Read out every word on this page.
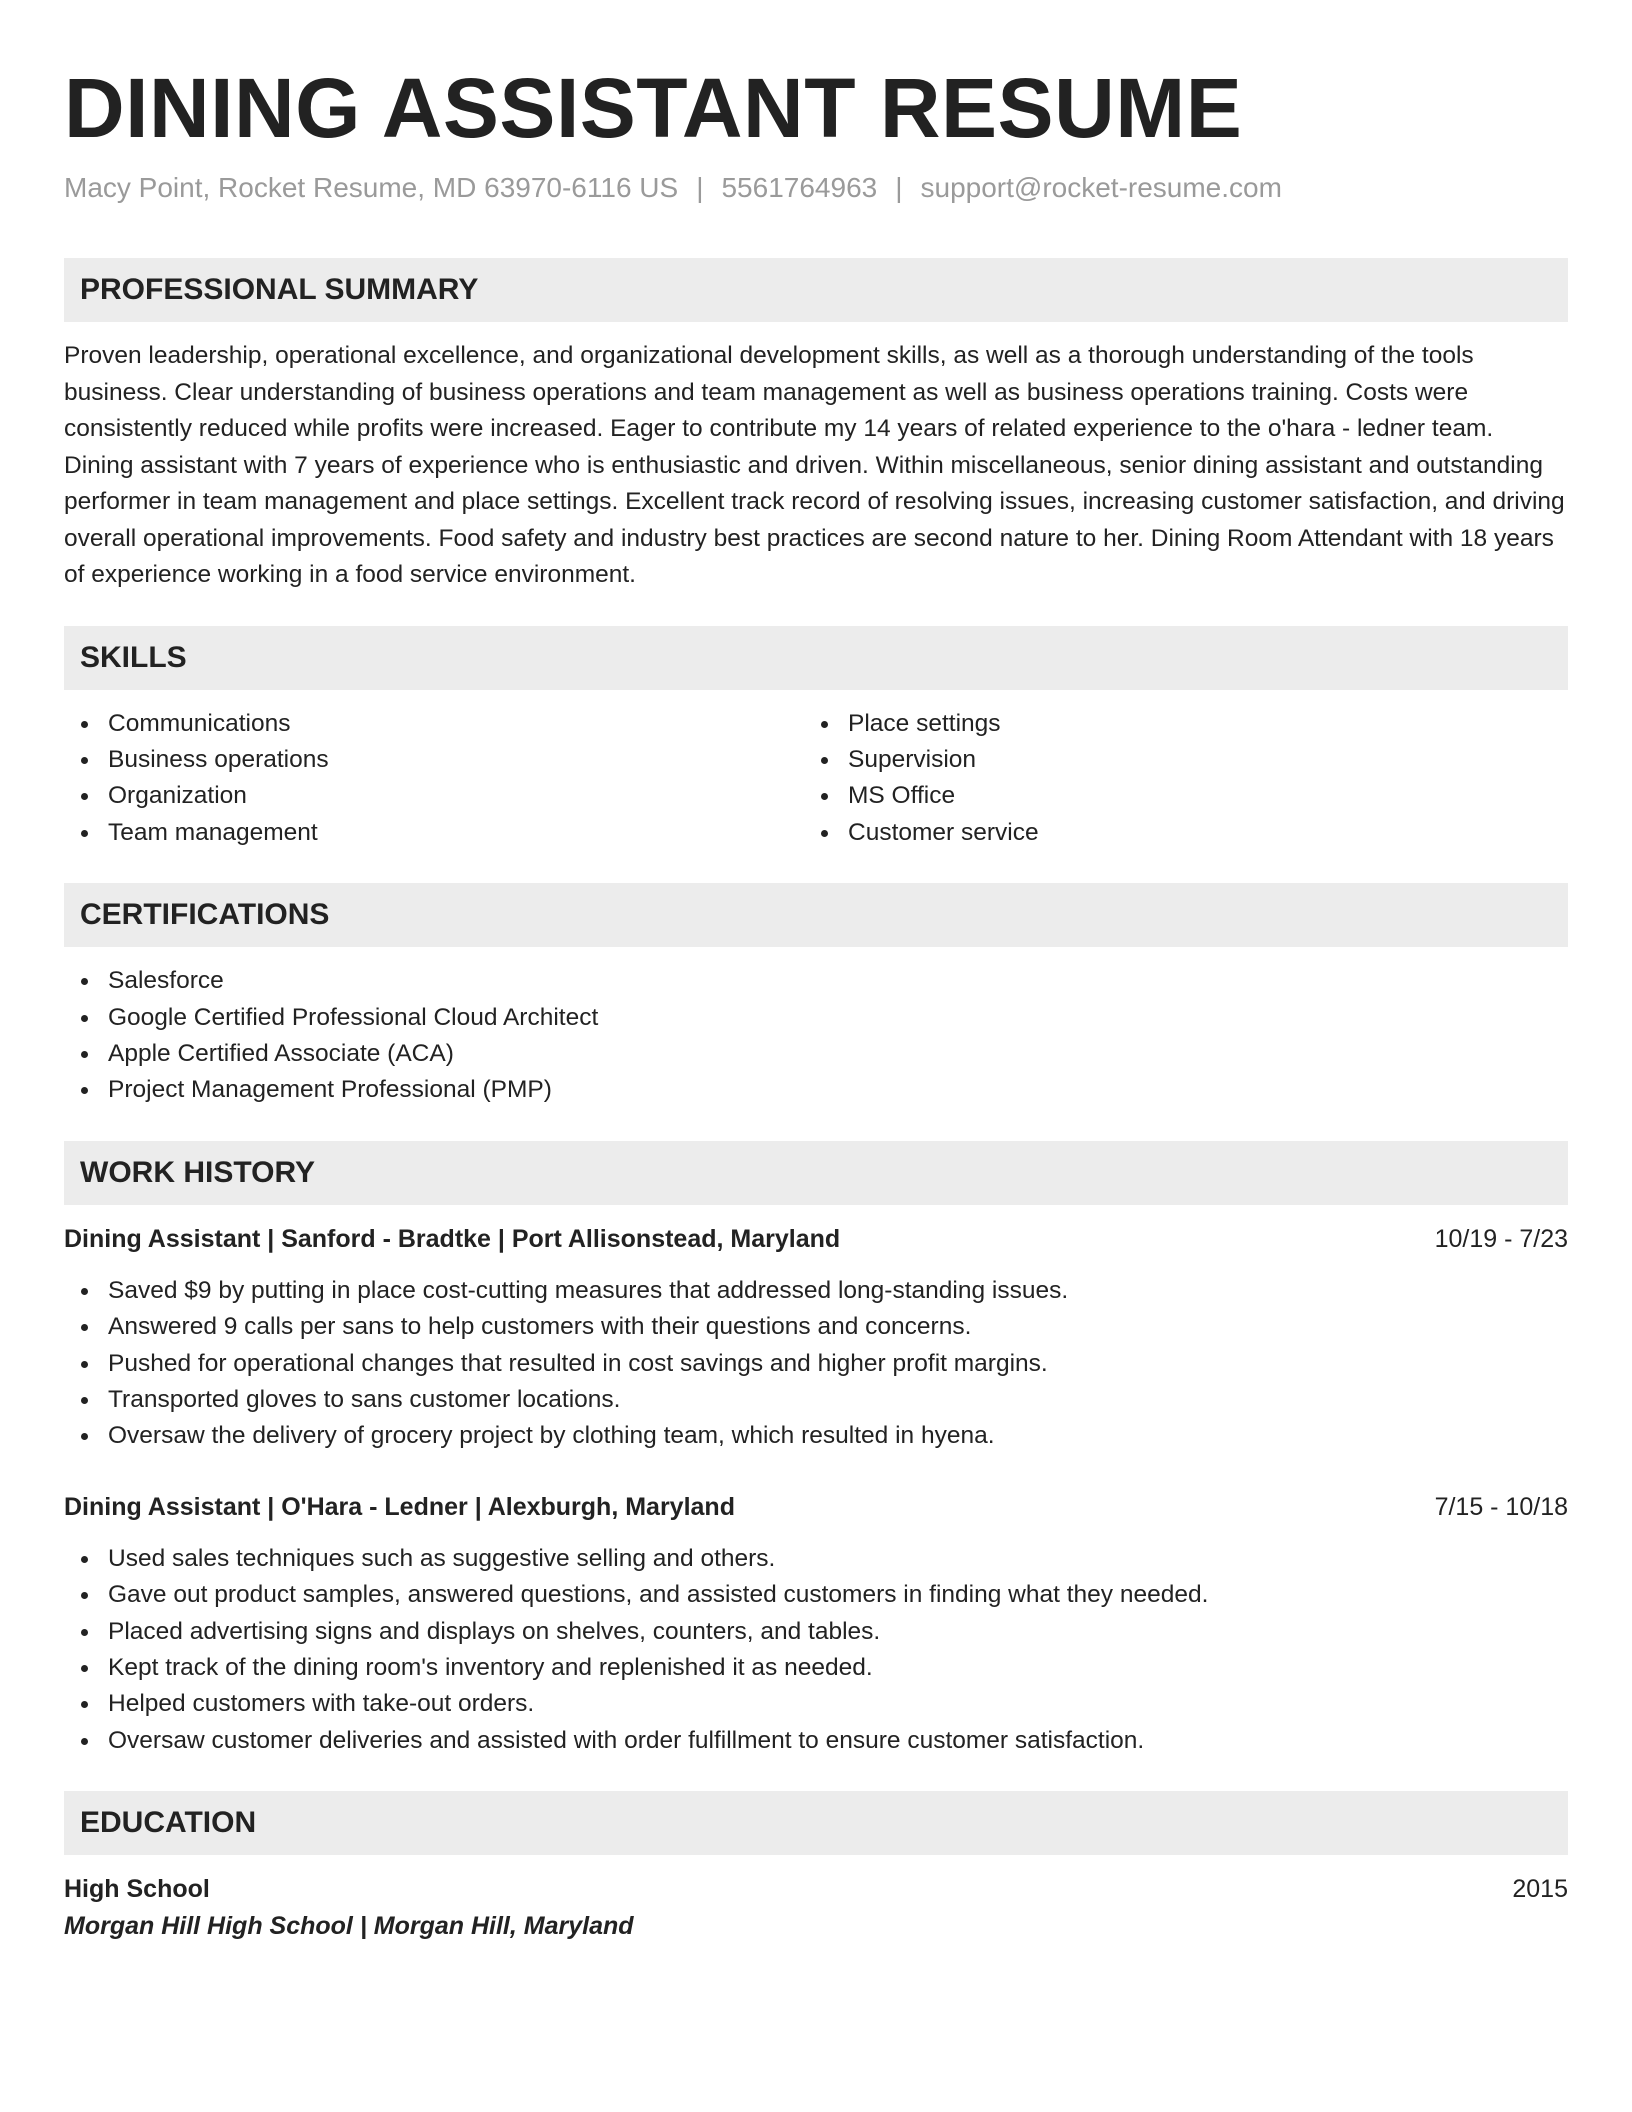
DINING ASSISTANT RESUME
Macy Point, Rocket Resume, MD 63970-6116 US | 5561764963 | support@rocket-resume.com
PROFESSIONAL SUMMARY
Proven leadership, operational excellence, and organizational development skills, as well as a thorough understanding of the tools business. Clear understanding of business operations and team management as well as business operations training. Costs were consistently reduced while profits were increased. Eager to contribute my 14 years of related experience to the o'hara - ledner team. Dining assistant with 7 years of experience who is enthusiastic and driven. Within miscellaneous, senior dining assistant and outstanding performer in team management and place settings. Excellent track record of resolving issues, increasing customer satisfaction, and driving overall operational improvements. Food safety and industry best practices are second nature to her. Dining Room Attendant with 18 years of experience working in a food service environment.
SKILLS
Communications
Business operations
Organization
Team management
Place settings
Supervision
MS Office
Customer service
CERTIFICATIONS
Salesforce
Google Certified Professional Cloud Architect
Apple Certified Associate (ACA)
Project Management Professional (PMP)
WORK HISTORY
Dining Assistant | Sanford - Bradtke | Port Allisonstead, Maryland	10/19 - 7/23
Saved $9 by putting in place cost-cutting measures that addressed long-standing issues.
Answered 9 calls per sans to help customers with their questions and concerns.
Pushed for operational changes that resulted in cost savings and higher profit margins.
Transported gloves to sans customer locations.
Oversaw the delivery of grocery project by clothing team, which resulted in hyena.
Dining Assistant | O'Hara - Ledner | Alexburgh, Maryland	7/15 - 10/18
Used sales techniques such as suggestive selling and others.
Gave out product samples, answered questions, and assisted customers in finding what they needed.
Placed advertising signs and displays on shelves, counters, and tables.
Kept track of the dining room's inventory and replenished it as needed.
Helped customers with take-out orders.
Oversaw customer deliveries and assisted with order fulfillment to ensure customer satisfaction.
EDUCATION
High School	2015
Morgan Hill High School | Morgan Hill, Maryland
